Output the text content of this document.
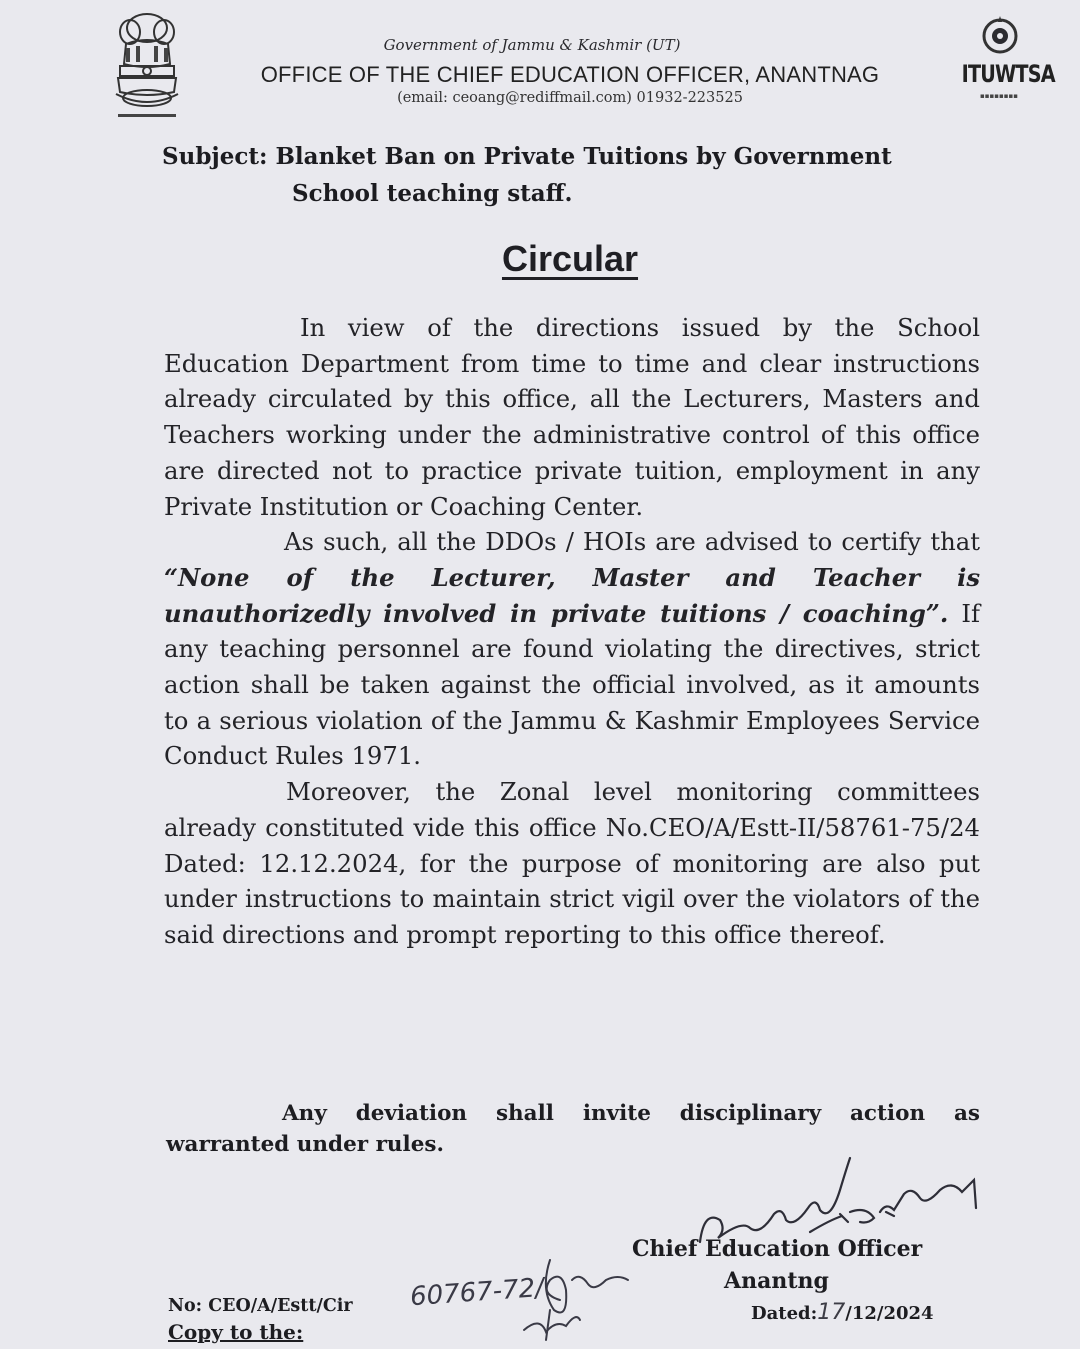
ITUWTSA
▪▪▪▪▪▪▪▪
Government of Jammu & Kashmir (UT)
OFFICE OF THE CHIEF EDUCATION OFFICER, ANANTNAG
(email: ceoang@rediffmail.com) 01932-223525
Subject: Blanket Ban on Private Tuitions by Government
School teaching staff.
Circular

In view of the directions issued by the School Education Department from time to time and clear instructions already circulated by this office, all the Lecturers, Masters and Teachers working under the administrative control of this office are directed not to practice private tuition, employment in any Private Institution or Coaching Center.

As such, all the DDOs / HOIs are advised to certify that “None of the Lecturer, Master and Teacher is unauthorizedly involved in private tuitions / coaching”. If any teaching personnel are found violating the directives, strict action shall be taken against the official involved, as it amounts to a serious violation of the Jammu & Kashmir Employees Service Conduct Rules 1971.

Moreover, the Zonal level monitoring committees already constituted vide this office No.CEO/A/Estt-II/58761-75/24 Dated: 12.12.2024, for the purpose of monitoring are also put under instructions to maintain strict vigil over the violators of the said directions and prompt reporting to this office thereof.

Any deviation shall invite disciplinary action as warranted under rules.
Chief Education Officer
Anantng
Dated:17/12/2024
No: CEO/A/Estt/Cir	60767-72/
Copy to the:
